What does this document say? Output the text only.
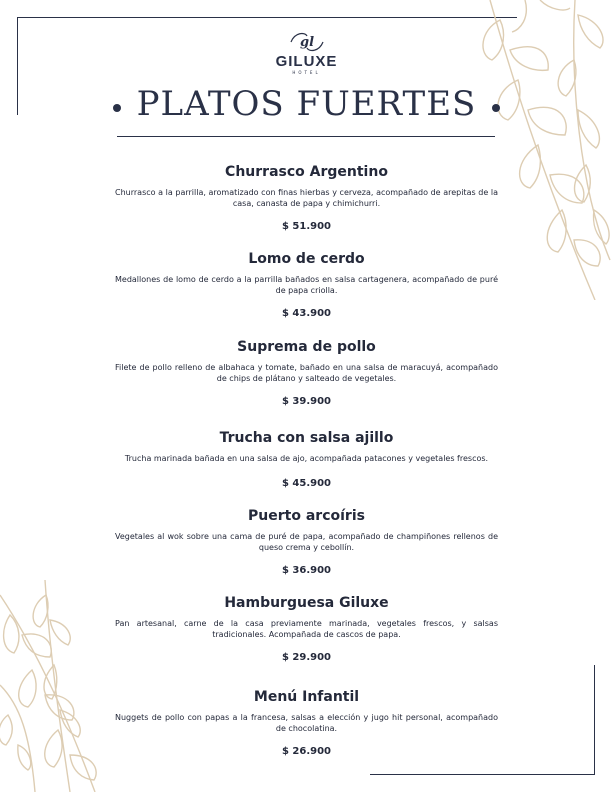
gl
GILUXE
HOTEL
PLATOS FUERTES
Churrasco Argentino
Churrasco a la parrilla, aromatizado con finas hierbas y cerveza, acompañado de arepitas de la casa, canasta de papa y chimichurri.
$ 51.900
Lomo de cerdo
Medallones de lomo de cerdo a la parrilla bañados en salsa cartagenera, acompañado de puré de papa criolla.
$ 43.900
Suprema de pollo
Filete de pollo relleno de albahaca y tomate, bañado en una salsa de maracuyá, acompañado de chips de plátano y salteado de vegetales.
$ 39.900
Trucha con salsa ajillo
Trucha marinada bañada en una salsa de ajo, acompañada patacones y vegetales frescos.
$ 45.900
Puerto arcoíris
Vegetales al wok sobre una cama de puré de papa, acompañado de champiñones rellenos de queso crema y cebollín.
$ 36.900
Hamburguesa Giluxe
Pan artesanal, carne de la casa previamente marinada, vegetales frescos, y salsas tradicionales. Acompañada de cascos de papa.
$ 29.900
Menú Infantil
Nuggets de pollo con papas a la francesa, salsas a elección y jugo hit personal, acompañado de chocolatina.
$ 26.900
